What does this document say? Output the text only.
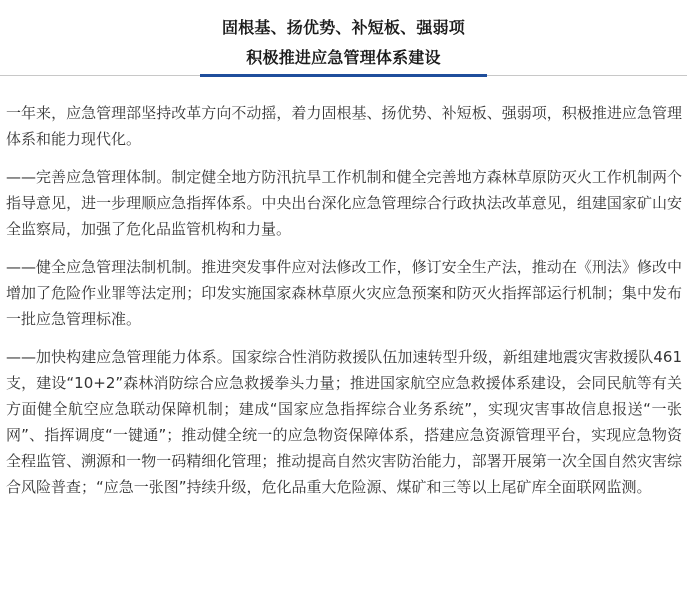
固根基、扬优势、补短板、强弱项
积极推进应急管理体系建设

一年来，应急管理部坚持改革方向不动摇，着力固根基、扬优势、补短板、强弱项，积极推进应急管理体系和能力现代化。

——完善应急管理体制。制定健全地方防汛抗旱工作机制和健全完善地方森林草原防灭火工作机制两个指导意见，进一步理顺应急指挥体系。中央出台深化应急管理综合行政执法改革意见，组建国家矿山安全监察局，加强了危化品监管机构和力量。

——健全应急管理法制机制。推进突发事件应对法修改工作，修订安全生产法，推动在《刑法》修改中增加了危险作业罪等法定刑；印发实施国家森林草原火灾应急预案和防灭火指挥部运行机制；集中发布一批应急管理标准。

——加快构建应急管理能力体系。国家综合性消防救援队伍加速转型升级，新组建地震灾害救援队461支，建设“10+2”森林消防综合应急救援拳头力量；推进国家航空应急救援体系建设，会同民航等有关方面健全航空应急联动保障机制；建成“国家应急指挥综合业务系统”，实现灾害事故信息报送“一张网”、指挥调度“一键通”；推动健全统一的应急物资保障体系，搭建应急资源管理平台，实现应急物资全程监管、溯源和一物一码精细化管理；推动提高自然灾害防治能力，部署开展第一次全国自然灾害综合风险普查；“应急一张图”持续升级，危化品重大危险源、煤矿和三等以上尾矿库全面联网监测。
